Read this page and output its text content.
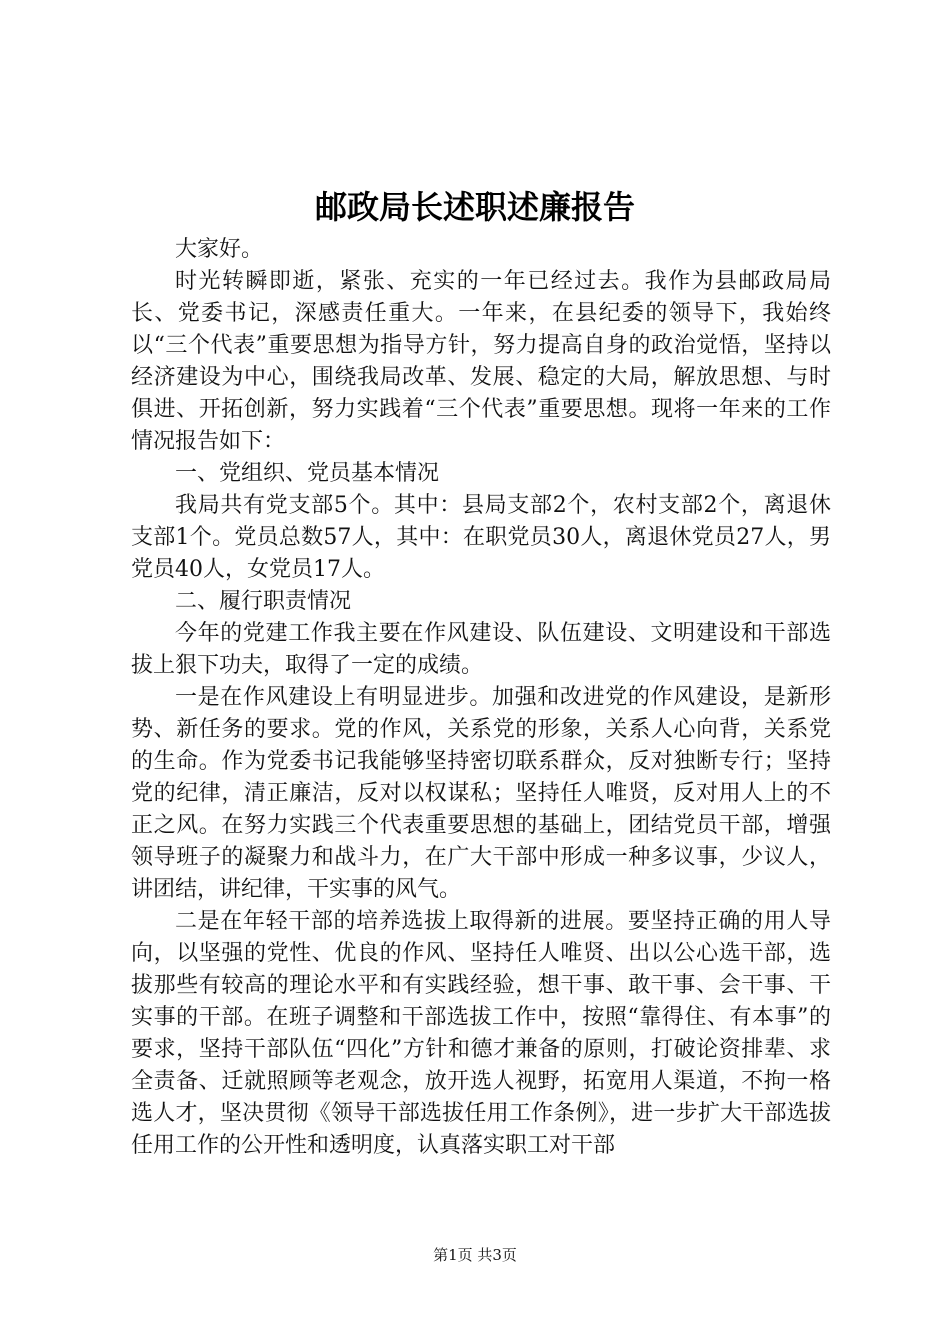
邮政局长述职述廉报告

大家好。

时光转瞬即逝，紧张、充实的一年已经过去。我作为县邮政局局长、党委书记，深感责任重大。一年来，在县纪委的领导下，我始终以“三个代表”重要思想为指导方针，努力提高自身的政治觉悟，坚持以经济建设为中心，围绕我局改革、发展、稳定的大局，解放思想、与时俱进、开拓创新，努力实践着“三个代表”重要思想。现将一年来的工作情况报告如下：

一、党组织、党员基本情况

我局共有党支部5个。其中：县局支部2个，农村支部2个，离退休支部1个。党员总数57人，其中：在职党员30人，离退休党员27人，男党员40人，女党员17人。

二、履行职责情况

今年的党建工作我主要在作风建设、队伍建设、文明建设和干部选拔上狠下功夫，取得了一定的成绩。

一是在作风建设上有明显进步。加强和改进党的作风建设，是新形势、新任务的要求。党的作风，关系党的形象，关系人心向背，关系党的生命。作为党委书记我能够坚持密切联系群众，反对独断专行；坚持党的纪律，清正廉洁，反对以权谋私；坚持任人唯贤，反对用人上的不正之风。在努力实践三个代表重要思想的基础上，团结党员干部，增强领导班子的凝聚力和战斗力，在广大干部中形成一种多议事，少议人，讲团结，讲纪律，干实事的风气。

二是在年轻干部的培养选拔上取得新的进展。要坚持正确的用人导向，以坚强的党性、优良的作风、坚持任人唯贤、出以公心选干部，选拔那些有较高的理论水平和有实践经验，想干事、敢干事、会干事、干实事的干部。在班子调整和干部选拔工作中，按照“靠得住、有本事”的要求，坚持干部队伍“四化”方针和德才兼备的原则，打破论资排辈、求全责备、迁就照顾等老观念，放开选人视野，拓宽用人渠道，不拘一格选人才，坚决贯彻《领导干部选拔任用工作条例》，进一步扩大干部选拔任用工作的公开性和透明度，认真落实职工对干部

第1页 共3页
